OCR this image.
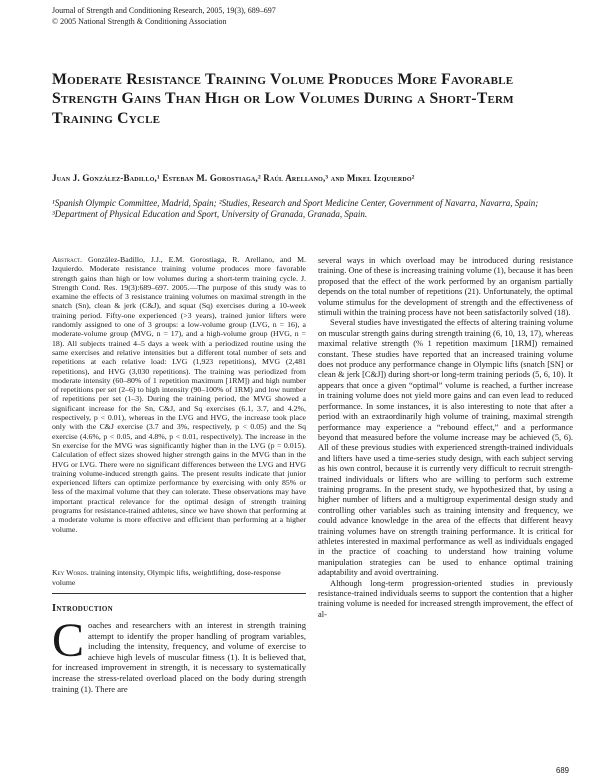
Journal of Strength and Conditioning Research, 2005, 19(3), 689–697
© 2005 National Strength & Conditioning Association
Moderate Resistance Training Volume Produces More Favorable Strength Gains Than High or Low Volumes During a Short-Term Training Cycle
Juan J. González-Badillo,¹ Esteban M. Gorostiaga,² Raúl Arellano,³ and Mikel Izquierdo²
¹Spanish Olympic Committee, Madrid, Spain; ²Studies, Research and Sport Medicine Center, Government of Navarra, Navarra, Spain; ³Department of Physical Education and Sport, University of Granada, Granada, Spain.
Abstract. González-Badillo, J.J., E.M. Gorostiaga, R. Arellano, and M. Izquierdo. Moderate resistance training volume produces more favorable strength gains than high or low volumes during a short-term training cycle. J. Strength Cond. Res. 19(3):689–697. 2005.—The purpose of this study was to examine the effects of 3 resistance training volumes on maximal strength in the snatch (Sn), clean & jerk (C&J), and squat (Sq) exercises during a 10-week training period. Fifty-one experienced (>3 years), trained junior lifters were randomly assigned to one of 3 groups: a low-volume group (LVG, n = 16), a moderate-volume group (MVG, n = 17), and a high-volume group (HVG, n = 18). All subjects trained 4–5 days a week with a periodized routine using the same exercises and relative intensities but a different total number of sets and repetitions at each relative load: LVG (1,923 repetitions), MVG (2,481 repetitions), and HVG (3,030 repetitions). The training was periodized from moderate intensity (60–80% of 1 repetition maximum [1RM]) and high number of repetitions per set (2–6) to high intensity (90–100% of 1RM) and low number of repetitions per set (1–3). During the training period, the MVG showed a significant increase for the Sn, C&J, and Sq exercises (6.1, 3.7, and 4.2%, respectively, p < 0.01), whereas in the LVG and HVG, the increase took place only with the C&J exercise (3.7 and 3%, respectively, p < 0.05) and the Sq exercise (4.6%, p < 0.05, and 4.8%, p < 0.01, respectively). The increase in the Sn exercise for the MVG was significantly higher than in the LVG (p = 0.015). Calculation of effect sizes showed higher strength gains in the MVG than in the HVG or LVG. There were no significant differences between the LVG and HVG training volume-induced strength gains. The present results indicate that junior experienced lifters can optimize performance by exercising with only 85% or less of the maximal volume that they can tolerate. These observations may have important practical relevance for the optimal design of strength training programs for resistance-trained athletes, since we have shown that performing at a moderate volume is more effective and efficient than performing at a higher volume.
Key Words. training intensity, Olympic lifts, weightlifting, dose-response volume
Introduction
Coaches and researchers with an interest in strength training attempt to identify the proper handling of program variables, including the intensity, frequency, and volume of exercise to achieve high levels of muscular fitness (1). It is believed that, for increased improvement in strength, it is necessary to systematically increase the stress-related overload placed on the body during strength training (1). There are

several ways in which overload may be introduced during resistance training. One of these is increasing training volume (1), because it has been proposed that the effect of the work performed by an organism partially depends on the total number of repetitions (21). Unfortunately, the optimal volume stimulus for the development of strength and the effectiveness of stimuli within the training process have not been satisfactorily solved (18).

Several studies have investigated the effects of altering training volume on muscular strength gains during strength training (6, 10, 13, 17), whereas maximal relative strength (% 1 repetition maximum [1RM]) remained constant. These studies have reported that an increased training volume does not produce any performance change in Olympic lifts (snatch [SN] or clean & jerk [C&J]) during short-or long-term training periods (5, 6, 10). It appears that once a given “optimal” volume is reached, a further increase in training volume does not yield more gains and can even lead to reduced performance. In some instances, it is also interesting to note that after a period with an extraordinarily high volume of training, maximal strength performance may experience a “rebound effect,” and a performance beyond that measured before the volume increase may be achieved (5, 6). All of these previous studies with experienced strength-trained individuals and lifters have used a time-series study design, with each subject serving as his own control, because it is currently very difficult to recruit strength-trained individuals or lifters who are willing to perform such extreme training programs. In the present study, we hypothesized that, by using a higher number of lifters and a multigroup experimental design study and controlling other variables such as training intensity and frequency, we could advance knowledge in the area of the effects that different heavy training volumes have on strength training performance. It is critical for athletes interested in maximal performance as well as individuals engaged in the practice of coaching to understand how training volume manipulation strategies can be used to enhance optimal training adaptability and avoid overtraining.

Although long-term progression-oriented studies in previously resistance-trained individuals seems to support the contention that a higher training volume is needed for increased strength improvement, the effect of al-

689
